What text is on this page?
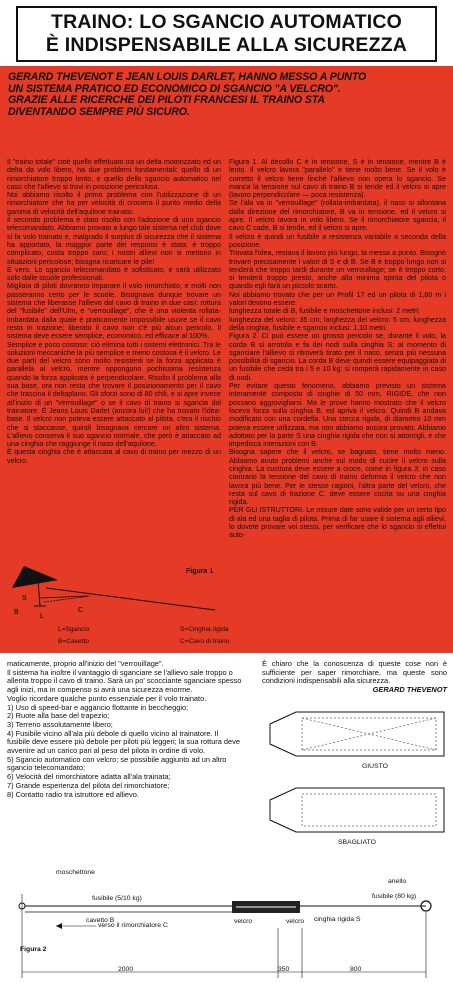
TRAINO: LO SGANCIO AUTOMATICO
È INDISPENSABILE ALLA SICUREZZA

GERARD THEVENOT E JEAN LOUIS DARLET, HANNO MESSO A PUNTO

UN SISTEMA PRATICO ED ECONOMICO DI SGANCIO "A VELCRO".

GRAZIE ALLE RICERCHE DEI PILOTI FRANCESI IL TRAINO STA

DIVENTANDO SEMPRE PIÙ SICURO.

Il "traino totale" cioè quello effettuato tra un delta motorizzato ed un delta da volo libero, ha due problemi fondamentali: quello di un rimorchiatore troppo lento, e quello dello sgancio automatico nel caso che l'allievo si trovi in posizione pericolosa.

Noi abbiamo risolto il primo problema con l'utilizzazione di un rimorchiatore che ha per velocità di crociera il punto medio della gamma di velocità dell'aquilone trainato.

Il secondo problema è stato risolto con l'adozione di uno sgancio telecomandato. Abbiamo provato a lungo tale sistema nel club dove si fa volo trainato e, malgrado il surplus di sicurezza che il sistema ha apportato, la maggior parte dei responsi è stata: è troppo complicato, costa troppo caro; i nostri allievi non si mettono in situazioni pericolose; bisogna ricaricare le pile!

È vero. Lo sgancio telecomandato è sofisticato, e sarà utilizzato solo dalle scuole professionali.

Migliaia di piloti dovranno imparare il volo rimorchiato, e molti non passeranno certo per le scuole. Bisognava dunque trovare un sistema che liberasse l'allievo dal cavo di traino in due casi: rottura del "fusibile" dell'Ulm, e "verrouillage", che è una violenta rollata-imbardata dalla quale è praticamente impossibile uscire se il cavo resta in trazione; liberato il cavo non c'è più alcun pericolo. Il sistema deve essere semplice, economico, ed efficace al 100%.

Semplice e poco costoso: ciò elimina tutti i sistemi elettronici. Tra le soluzioni meccaniche la più semplice e meno costosa è il velcro. Le due parti del velcro sono molto resistenti se la forza applicata è parallela al velcro, mentre oppongono pochissima resistenza quando la forza applicata è perpendicolare. Risolto il problema alla sua base, ora non resta che trovare il posizionamento per il cavo che trascina il deltaplano. Gli sforzi sono di 80 chili, e si apre invece all'inizio di un "verrouillage" o se il cavo di traino si sgancia dal trainatore. È Jeans Louis Darlet (ancora lui!) che ha trovato l'idea-base. Il velcro non poteva essere attaccato al pilota, c'era il rischio che si staccasse, quindi bisognava cercare un altro sistema. L'allievo conserva il suo sgancio normale, che però è attaccato ad una cinghia che raggiunge il naso dell'aquilone.

È questa cinghia che è attaccata al cavo di traino per mezzo di un velcro.

Figura 1. Al decollo C è in tensione, S è in tensione, mentre B è lento. Il velcro lavora "parallelo" e tiene molto bene. Se il volo è corretto il velcro tiene finché l'allievo non opera lo sgancio. Se manca la tensione sul cavo di traino B si tende ed il velcro si apre (lavoro perpendicolare — poca resistenza).

Se l'ala va in "verrouillage" (rollata-imbardata), il naso si allontana dalla direzione del rimorchiatore, B va in tensione, ed il velcro si apre. Il velcro lavora in volo libero. Se il rimorchiatore sgancia, il cavo C cade, B si tende, ed il velcro si apre.

Il velcro è quindi un fusibile a resistenza variabile a seconda della posizione.

Trovata l'idea, restava il lavoro più lungo, la messa a punto. Bisognò trovare precisamente i valori di S e di B. Se B è troppo lungo non si tenderà che troppo tardi durante un verrouillage; se è troppo corto, si tenderà troppo presto, anche alla minima spinta del pilota o quando egli farà un piccolo scarto.

Noi abbiamo trovato che per un Profil 17 ed un pilota di 1,80 m i valori devono essere:

lunghezza totale di B, fusibile e moschettone inclusi: 2 metri;

lunghezza del velcro: 35 cm; larghezza del velcro: 5 cm; lunghezza della cinghia, fusibile e sgancio inclusi: 1,10 metri.

Figura 2. Ci può essere un grosso pericolo se, durante il volo, la corda B si arrotola e fa dei nodi sulla cinghia S: al momento di sganciare l'allievo si ritroverà tirato per il naso, senza più nessuna possibilità di sgancio. La corda B deve quindi essere equipaggiata di un fusibile che ceda tra i 5 e 10 kg: si romperà rapidamente in caso di nodi.

Per evitare questo fenomeno, abbiamo previsto un sistema interamente composto di cinghie di 50 mm, RIGIDE, che non possano aggrovigliarsi. Ma le prove hanno mostrato che il velcro faceva forza sulla cinghia B, ed apriva il velcro. Quindi B andava modificato con una cordella. Una stecca rigida, di diametro 10 mm poteva essere utilizzata, ma non abbiamo ancora provato. Abbiamo adottato per la parte S una cinghia rigida che non si attorcigli, e che impedisca interazioni con B.

Bisogna sapere che il velcro, se bagnato, tiene molto meno. Abbiamo avuto problemi anche sul modo di cucire il velcro sulla cinghia. La cucitura deve essere a croce, come in figura 3; in caso contrario la tensione del cavo di traino deforma il velcro che non lavora più bene. Per le stesse ragioni, l'altra parte del velcro, che resta sul cavo di trazione C, deve essere cucita su una cinghia rigida.

PER GLI ISTRUTTORI. Le misure date sono valide per un certo tipo di ala ed una taglia di pilota. Prima di far usare il sistema agli allievi, lo dovete provare voi stessi, per verificare che lo sgancio si effettui auto-

S
B
L
C
Figura 1
L=Sgancio	S=Cinghia rigida
B=Cavetto	C=Cavo di traino

maticamente, proprio all'inizio del "verrouillage".

Il sistema ha inoltre il vantaggio di sganciare se l'allievo sale troppo o allenta troppo il cavo di traino. Sarà un po' scocciante sganciare spesso agli inizi, ma in compenso si avrà una sicurezza enorme.

Voglio ricordare qualche punto essenziale per il volo trainato.

1) Uso di speed-bar e aggancio flottante in beccheggio;

2) Ruote alla base del trapezio;

3) Terreno assolutamente libero;

4) Fusibile vicino all'ala più debole di quello vicino al trainatore. Il fusibile deve essere più debole per piloti più leggeri; la sua rottura deve avvenire ad un carico pari al peso del pilota in ordine di volo.

5) Sgancio automatico con velcro; se possibile aggiunto ad un altro sgancio telecomandato;

6) Velocità del rimorchiatore adatta all'ala trainata;

7) Grande esperienza del pilota del rimorchiatore;

8) Contatto radio tra istruttore ed allievo.

È chiaro che la conoscenza di queste cose non è sufficiente per saper rimorchiare, ma queste sono condizioni indispensabili alla sicurezza.

GERARD THEVENOT

GIUSTO
SBAGLIATO
moschettone
anello
fusibile (5/10 kg)	fusibile (80 kg)
cavetto B	velcro	velcro cinghia rigida S
verso il rimorchiatore C
Figura 2
2000	350	800
